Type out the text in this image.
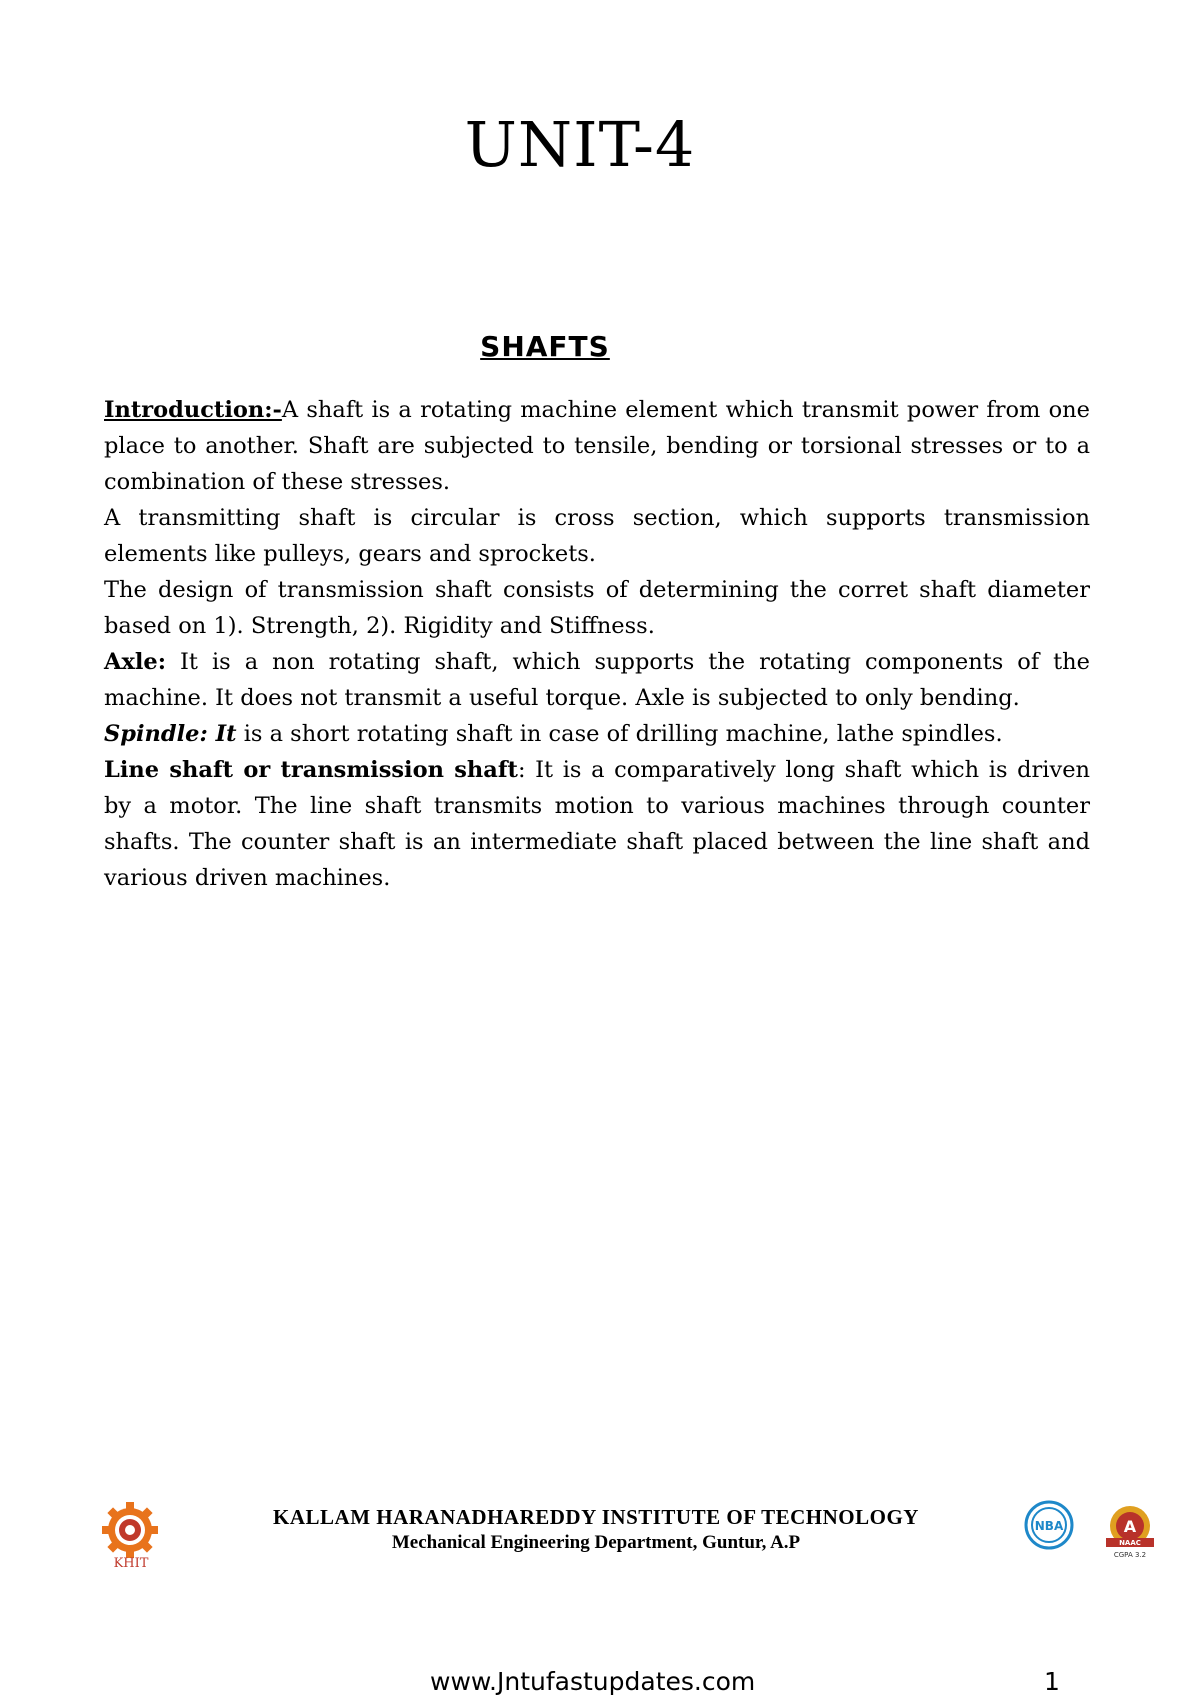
UNIT-4
SHAFTS

Introduction:-A shaft is a rotating machine element which transmit power from one place to another. Shaft are subjected to tensile, bending or torsional stresses or to a combination of these stresses.

A transmitting shaft is circular is cross section, which supports transmission elements like pulleys, gears and sprockets.

The design of transmission shaft consists of determining the corret shaft diameter based on 1). Strength, 2). Rigidity and Stiffness.

Axle: It is a non rotating shaft, which supports the rotating components of the machine. It does not transmit a useful torque. Axle is subjected to only bending.

Spindle: It is a short rotating shaft in case of drilling machine, lathe spindles.

Line shaft or transmission shaft: It is a comparatively long shaft which is driven by a motor. The line shaft transmits motion to various machines through counter shafts. The counter shaft is an intermediate shaft placed between the line shaft and various driven machines.

KHIT
KALLAM HARANADHAREDDY INSTITUTE OF TECHNOLOGY
Mechanical Engineering Department, Guntur, A.P
NBA	A
NAAC
CGPA 3.2
www.Jntufastupdates.com	1
